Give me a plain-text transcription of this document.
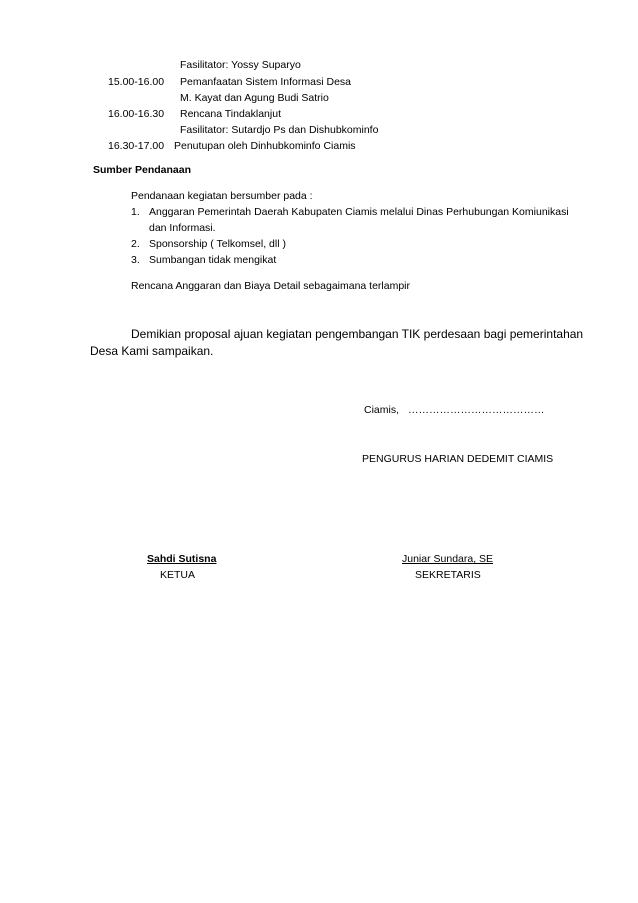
Fasilitator: Yossy Suparyo
15.00-16.00 Pemanfaatan Sistem Informasi Desa
M. Kayat dan Agung Budi Satrio
16.00-16.30 Rencana Tindaklanjut
Fasilitator: Sutardjo Ps dan Dishubkominfo
16.30-17.00 Penutupan oleh Dinhubkominfo Ciamis
Sumber Pendanaan
Pendanaan kegiatan bersumber pada :
1. Anggaran Pemerintah Daerah Kabupaten Ciamis melalui Dinas Perhubungan Komiunikasi
dan Informasi.
2. Sponsorship ( Telkomsel, dll )
3. Sumbangan tidak mengikat
Rencana Anggaran dan Biaya Detail sebagaimana terlampir
Demikian proposal ajuan kegiatan pengembangan TIK perdesaan bagi pemerintahan
Desa Kami sampaikan.
Ciamis, …………………………………
PENGURUS HARIAN DEDEMIT CIAMIS
Sahdi Sutisna
KETUA
Juniar Sundara, SE
SEKRETARIS
